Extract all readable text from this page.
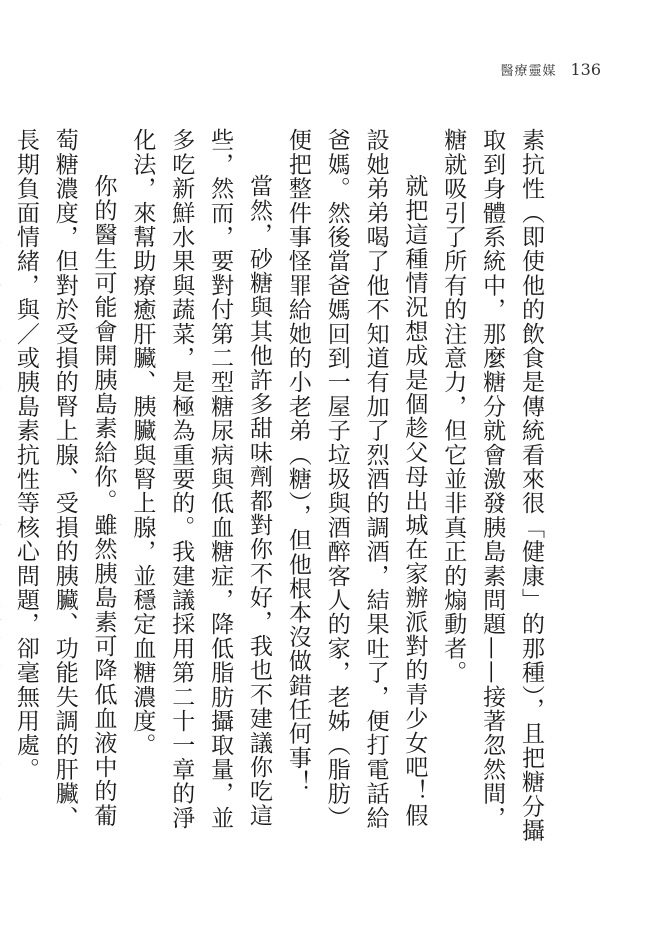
醫療靈媒 136

素抗性（即使他的飲食是傳統看來很「健康」的那種），且把糖分攝取到身體系統中，那麼糖分就會激發胰島素問題——接著忽然間，糖就吸引了所有的注意力，但它並非真正的煽動者。

就把這種情況想成是個趁父母出城在家辦派對的青少女吧！假設她弟弟喝了他不知道有加了烈酒的調酒，結果吐了，便打電話給爸媽。然後當爸媽回到一屋子垃圾與酒醉客人的家，老姊（脂肪）便把整件事怪罪給她的小老弟（糖），但他根本沒做錯任何事！

當然，砂糖與其他許多甜味劑都對你不好，我也不建議你吃這些，然而，要對付第二型糖尿病與低血糖症，降低脂肪攝取量，並多吃新鮮水果與蔬菜，是極為重要的。我建議採用第二十一章的淨化法，來幫助療癒肝臟、胰臟與腎上腺，並穩定血糖濃度。

你的醫生可能會開胰島素給你。雖然胰島素可降低血液中的葡萄糖濃度，但對於受損的腎上腺、受損的胰臟、功能失調的肝臟、長期負面情緒，與／或胰島素抗性等核心問題，卻毫無用處。
